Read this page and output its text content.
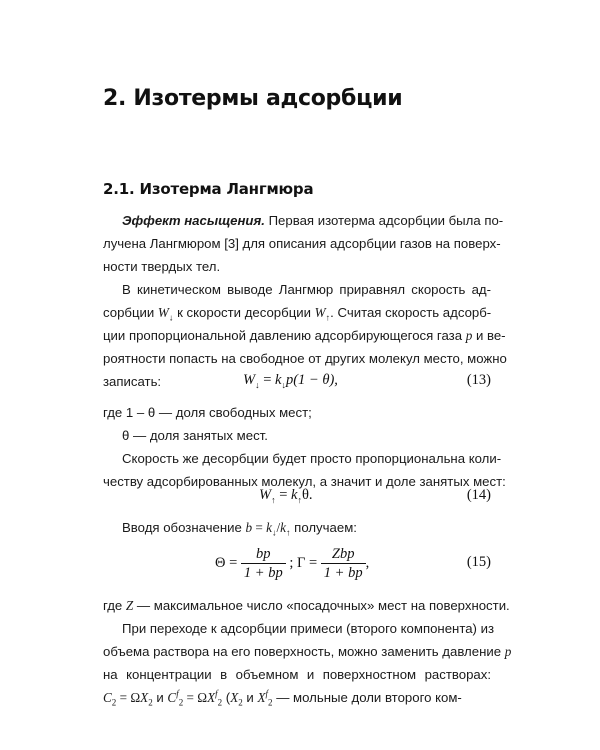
2. Изотермы адсорбции
2.1. Изотерма Лангмюра
Эффект насыщения. Первая изотерма адсорбции была по-
лучена Лангмюром [3] для описания адсорбции газов на поверх-
ности твердых тел.
В кинетическом выводе Лангмюр приравнял скорость ад-
сорбции $W_↓$ к скорости десорбции $W_↑$. Считая скорость адсорб-
ции пропорциональной давлению адсорбирующегося газа p и ве-
роятности попасть на свободное от других молекул место, можно
записать:	$W_↓ = k_↓p(1 - \theta)$,	(13)
где 1 – θ — доля свободных мест;
θ — доля занятых мест.
Скорость же десорбции будет просто пропорциональна коли-
честву адсорбированных молекул, а значит и доле занятых мест:
$W_↑ = k_↑\theta$.	(14)
Вводя обозначение $b = k_↓/k_↑$ получаем:
$\Theta = \frac{bp}{1 + bp}$ ; $\Gamma = \frac{\text{Zbp}}{1 + bp}$ ,	(15)
где Z — максимальное число «посадочных» мест на поверхности.
При переходе к адсорбции примеси (второго компонента) из
объема раствора на его поверхность, можно заменить давление p
на концентрации в объемном и поверхностном растворах:
$C_2 = \Omega X_2$ и $C^f_2 = \Omega X^f_2$ ($X_2$ и $X^f_2$ — мольные доли второго ком-
